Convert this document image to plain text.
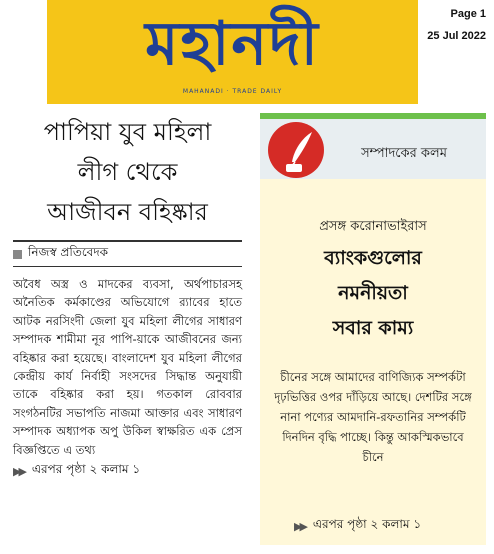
মহানদী
MAHANADI · TRADE DAILY
Page 1
25 Jul 2022
পাপিয়া যুব মহিলা
লীগ থেকে
আজীবন বহিষ্কার
নিজস্ব প্রতিবেদক

অবৈধ অস্ত্র ও মাদকের ব্যবসা, অর্থপাচারসহ অনৈতিক কর্মকাণ্ডের অভিযোগে র‌্যাবের হাতে আটক নরসিংদী জেলা যুব মহিলা লীগের সাধারণ সম্পাদক শামীমা নূর পাপি-য়াকে আজীবনের জন্য বহিষ্কার করা হয়েছে। বাংলাদেশ যুব মহিলা লীগের কেন্দ্রীয় কার্য নির্বাহী সংসদের সিদ্ধান্ত অনুযায়ী তাকে বহিষ্কার করা হয়। গতকাল রোববার সংগঠনটির সভাপতি নাজমা আক্তার এবং সাধারণ সম্পাদক অধ্যাপক অপু উকিল স্বাক্ষরিত এক প্রেস বিজ্ঞপ্তিতে এ তথ্য

▶▶ এরপর পৃষ্ঠা ২ কলাম ১
সম্পাদকের কলম
প্রসঙ্গ করোনাভাইরাস
ব্যাংকগুলোর
নমনীয়তা
সবার কাম্য

চীনের সঙ্গে আমাদের বাণিজ্যিক সম্পর্কটা দৃঢ়ভিত্তির ওপর দাঁড়িয়ে আছে। দেশটির সঙ্গে নানা পণ্যের আমদানি-রফতানির সম্পর্কটি দিনদিন বৃদ্ধি পাচ্ছে। কিন্তু আকস্মিকভাবে চীনে

▶▶ এরপর পৃষ্ঠা ২ কলাম ১
